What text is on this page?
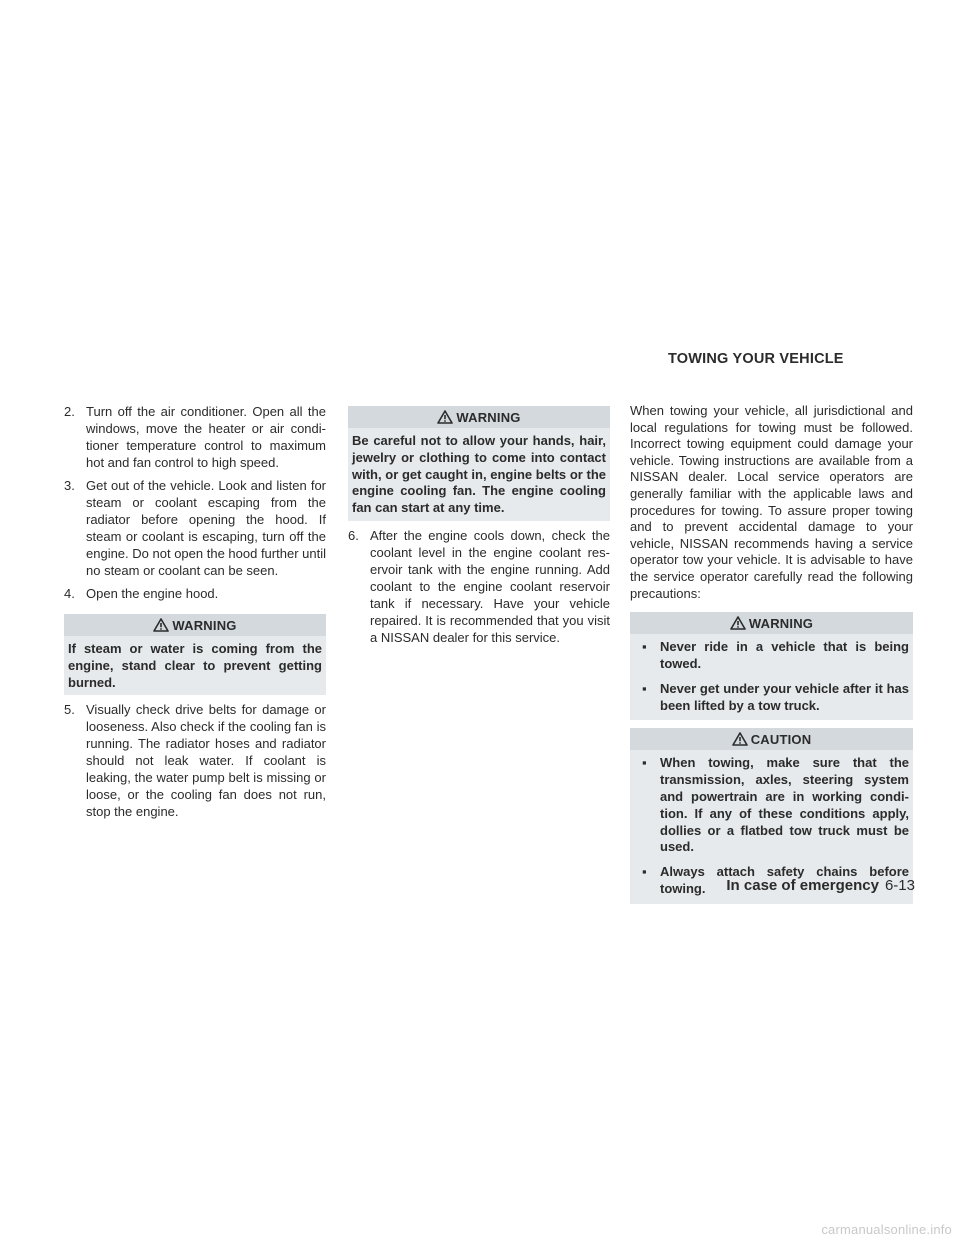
TOWING YOUR VEHICLE

2. Turn off the air conditioner. Open all the windows, move the heater or air conditioner temperature control to maximum hot and fan control to high speed.

3. Get out of the vehicle. Look and listen for steam or coolant escaping from the radiator before opening the hood. If steam or coolant is escaping, turn off the engine. Do not open the hood further until no steam or coolant can be seen.

4. Open the engine hood.

WARNING
If steam or water is coming from the engine, stand clear to prevent getting burned.

5. Visually check drive belts for damage or looseness. Also check if the cooling fan is running. The radiator hoses and radiator should not leak water. If coolant is leaking, the water pump belt is missing or loose, or the cooling fan does not run, stop the engine.

WARNING
Be careful not to allow your hands, hair, jewelry or clothing to come into contact with, or get caught in, engine belts or the engine cooling fan. The engine cooling fan can start at any time.

6. After the engine cools down, check the coolant level in the engine coolant reservoir tank with the engine running. Add coolant to the engine coolant reservoir tank if necessary. Have your vehicle repaired. It is recommended that you visit a NISSAN dealer for this service.

When towing your vehicle, all jurisdictional and local regulations for towing must be followed. Incorrect towing equipment could damage your vehicle. Towing instructions are available from a NISSAN dealer. Local service operators are generally familiar with the applicable laws and procedures for towing. To assure proper towing and to prevent accidental damage to your vehicle, NISSAN recommends having a service operator tow your vehicle. It is advisable to have the service operator carefully read the following precautions:

WARNING

▪ Never ride in a vehicle that is being towed.

▪ Never get under your vehicle after it has been lifted by a tow truck.

CAUTION

▪ When towing, make sure that the transmission, axles, steering system and powertrain are in working condition. If any of these conditions apply, dollies or a flatbed tow truck must be used.

▪ Always attach safety chains before towing.	In case of emergency 6-13
carmanualsonline.info
